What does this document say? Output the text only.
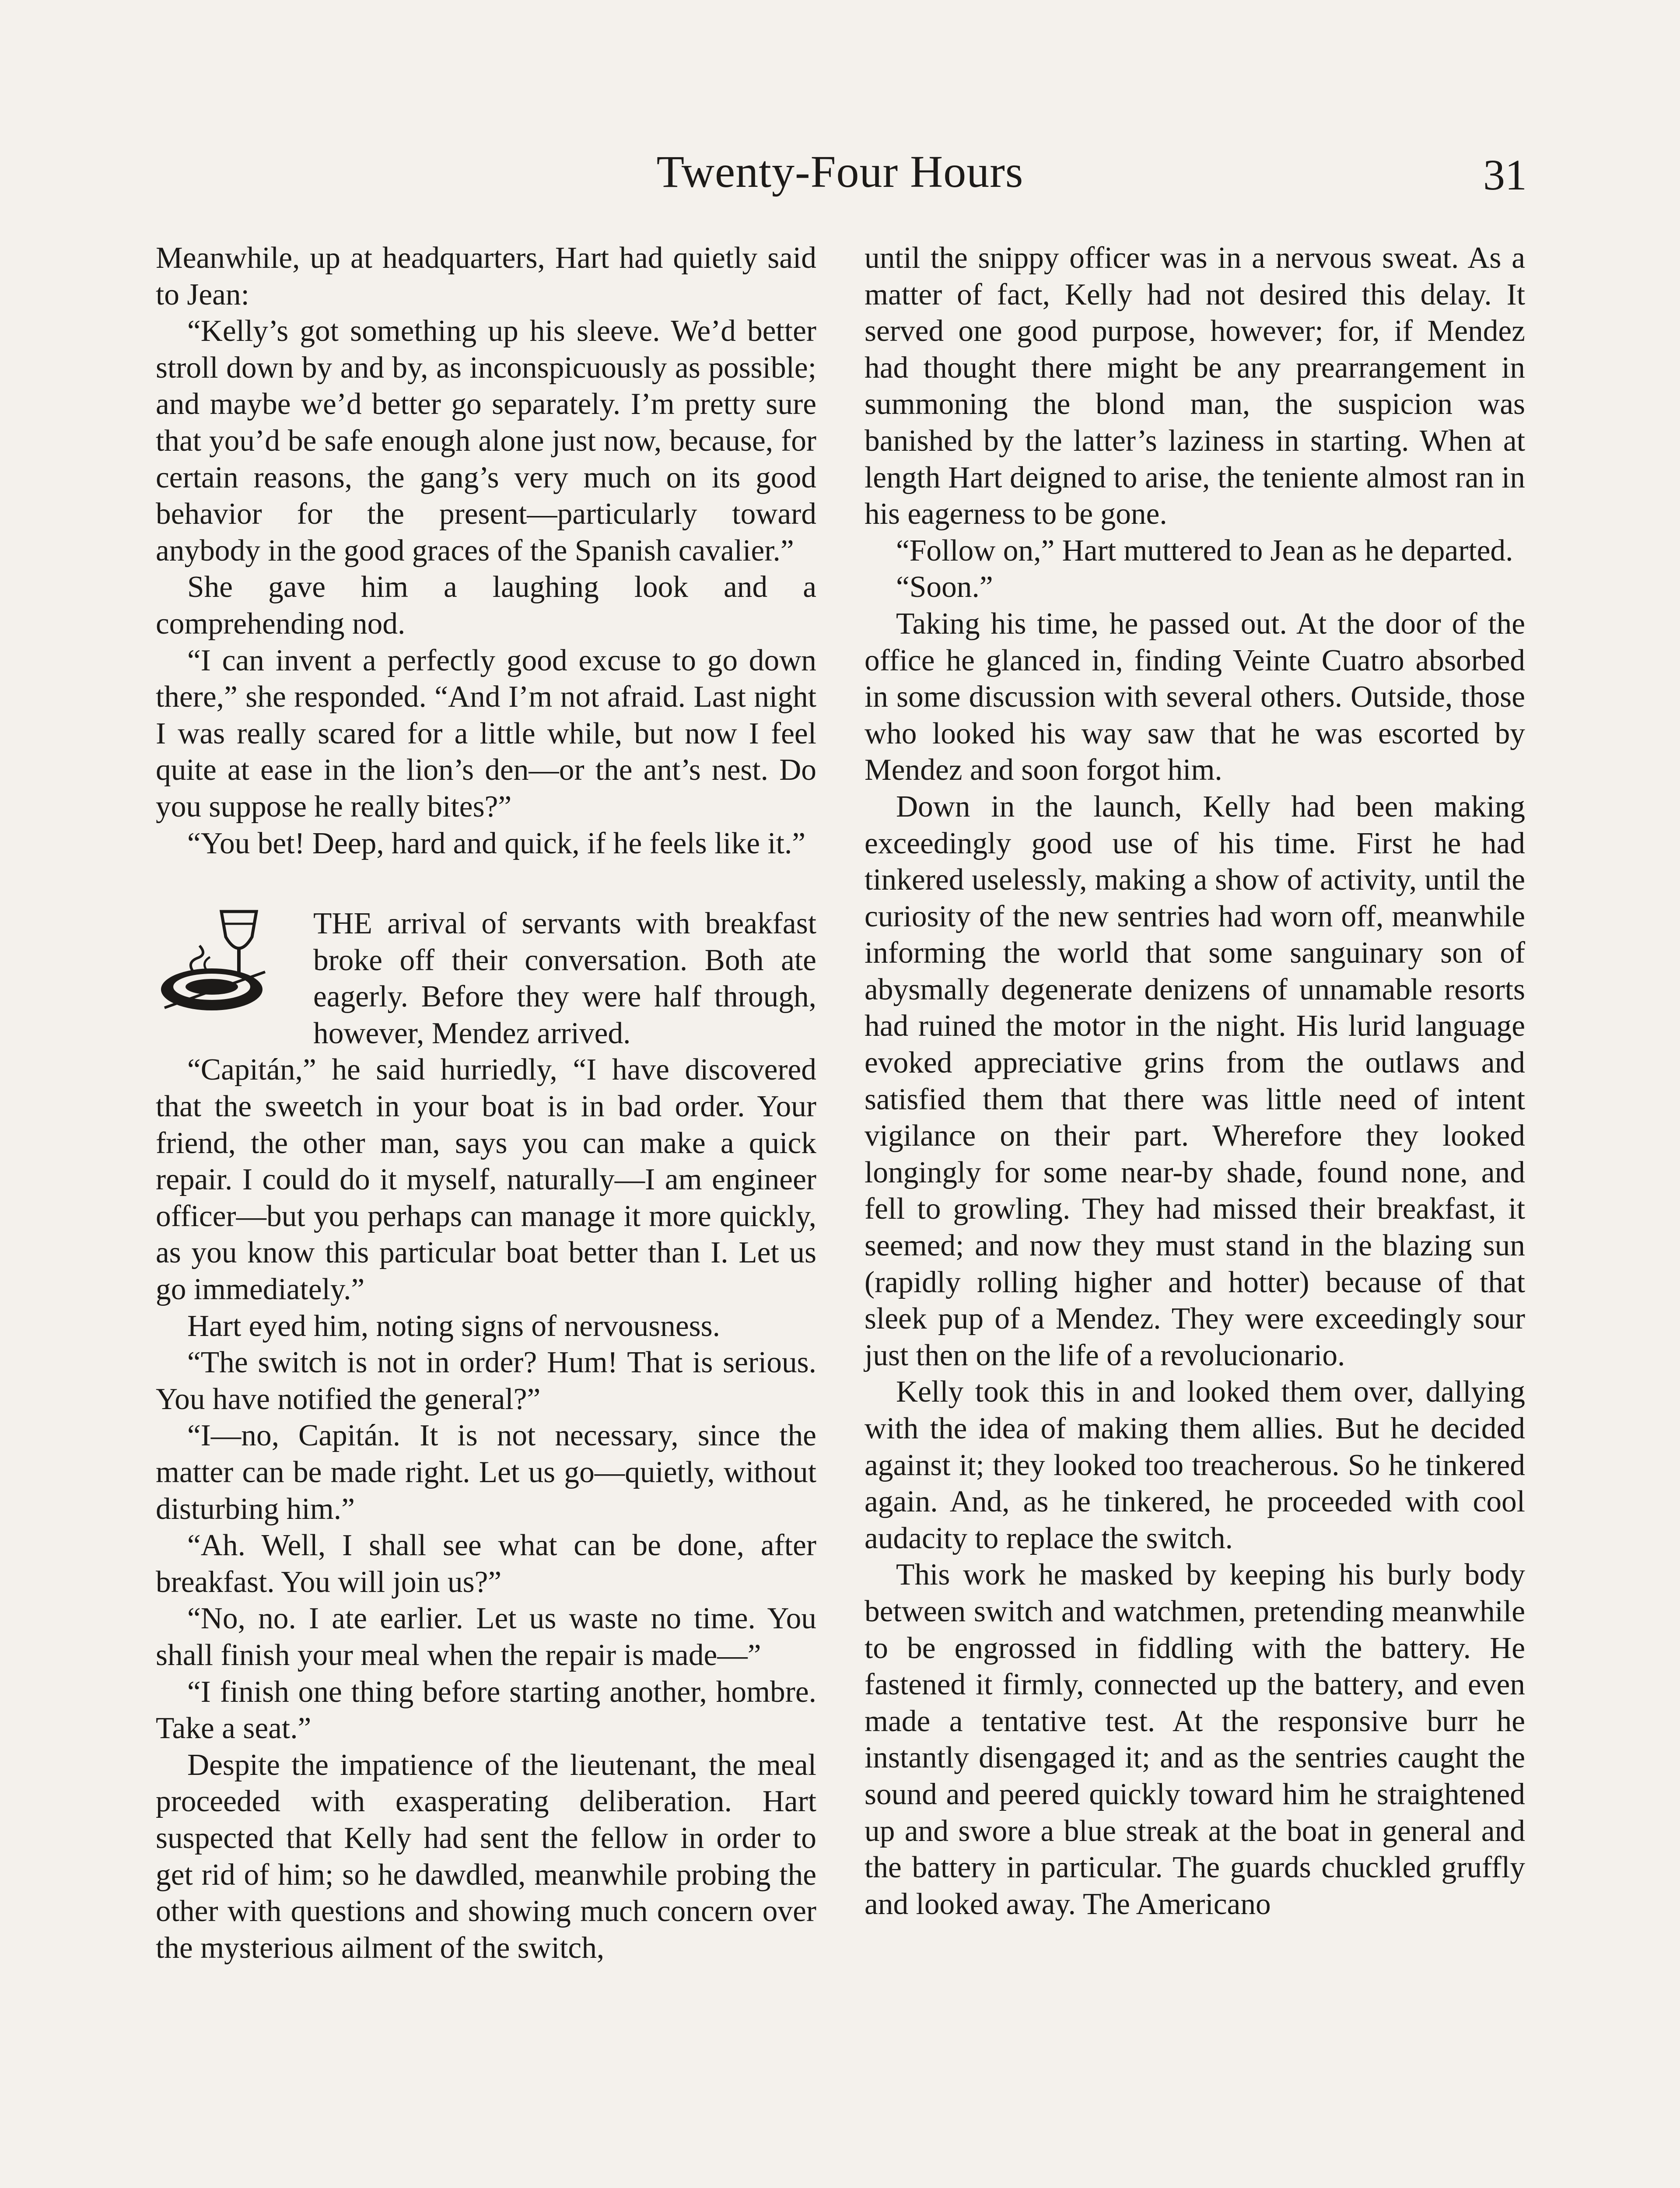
Twenty-Four Hours	31

Meanwhile, up at headquarters, Hart had quietly said to Jean:

“Kelly’s got something up his sleeve. We’d better stroll down by and by, as inconspicuously as possible; and maybe we’d better go separately. I’m pretty sure that you’d be safe enough alone just now, because, for certain reasons, the gang’s very much on its good behavior for the present—particularly toward anybody in the good graces of the Spanish cavalier.”

She gave him a laughing look and a comprehending nod.

“I can invent a perfectly good excuse to go down there,” she responded. “And I’m not afraid. Last night I was really scared for a little while, but now I feel quite at ease in the lion’s den—or the ant’s nest. Do you suppose he really bites?”

“You bet! Deep, hard and quick, if he feels like it.”

THE arrival of servants with breakfast broke off their conversation. Both ate eagerly. Before they were half through, however, Mendez arrived.

“Capitán,” he said hurriedly, “I have discovered that the sweetch in your boat is in bad order. Your friend, the other man, says you can make a quick repair. I could do it myself, naturally—I am engineer officer—but you perhaps can manage it more quickly, as you know this particular boat better than I. Let us go immediately.”

Hart eyed him, noting signs of nervousness.

“The switch is not in order? Hum! That is serious. You have notified the general?”

“I—no, Capitán. It is not necessary, since the matter can be made right. Let us go—quietly, without disturbing him.”

“Ah. Well, I shall see what can be done, after breakfast. You will join us?”

“No, no. I ate earlier. Let us waste no time. You shall finish your meal when the repair is made—”

“I finish one thing before starting another, hombre. Take a seat.”

Despite the impatience of the lieutenant, the meal proceeded with exasperating deliberation. Hart suspected that Kelly had sent the fellow in order to get rid of him; so he dawdled, meanwhile probing the other with questions and showing much concern over the mysterious ailment of the switch,

until the snippy officer was in a nervous sweat. As a matter of fact, Kelly had not desired this delay. It served one good purpose, however; for, if Mendez had thought there might be any prearrangement in summoning the blond man, the suspicion was banished by the latter’s laziness in starting. When at length Hart deigned to arise, the teniente almost ran in his eagerness to be gone.

“Follow on,” Hart muttered to Jean as he departed.

“Soon.”

Taking his time, he passed out. At the door of the office he glanced in, finding Veinte Cuatro absorbed in some discussion with several others. Outside, those who looked his way saw that he was escorted by Mendez and soon forgot him.

Down in the launch, Kelly had been making exceedingly good use of his time. First he had tinkered uselessly, making a show of activity, until the curiosity of the new sentries had worn off, meanwhile informing the world that some sanguinary son of abysmally degenerate denizens of unnamable resorts had ruined the motor in the night. His lurid language evoked appreciative grins from the outlaws and satisfied them that there was little need of intent vigilance on their part. Wherefore they looked longingly for some near-by shade, found none, and fell to growling. They had missed their breakfast, it seemed; and now they must stand in the blazing sun (rapidly rolling higher and hotter) because of that sleek pup of a Mendez. They were exceedingly sour just then on the life of a revolucionario.

Kelly took this in and looked them over, dallying with the idea of making them allies. But he decided against it; they looked too treacherous. So he tinkered again. And, as he tinkered, he proceeded with cool audacity to replace the switch.

This work he masked by keeping his burly body between switch and watchmen, pretending meanwhile to be engrossed in fiddling with the battery. He fastened it firmly, connected up the battery, and even made a tentative test. At the responsive burr he instantly disengaged it; and as the sentries caught the sound and peered quickly toward him he straightened up and swore a blue streak at the boat in general and the battery in particular. The guards chuckled gruffly and looked away. The Americano
